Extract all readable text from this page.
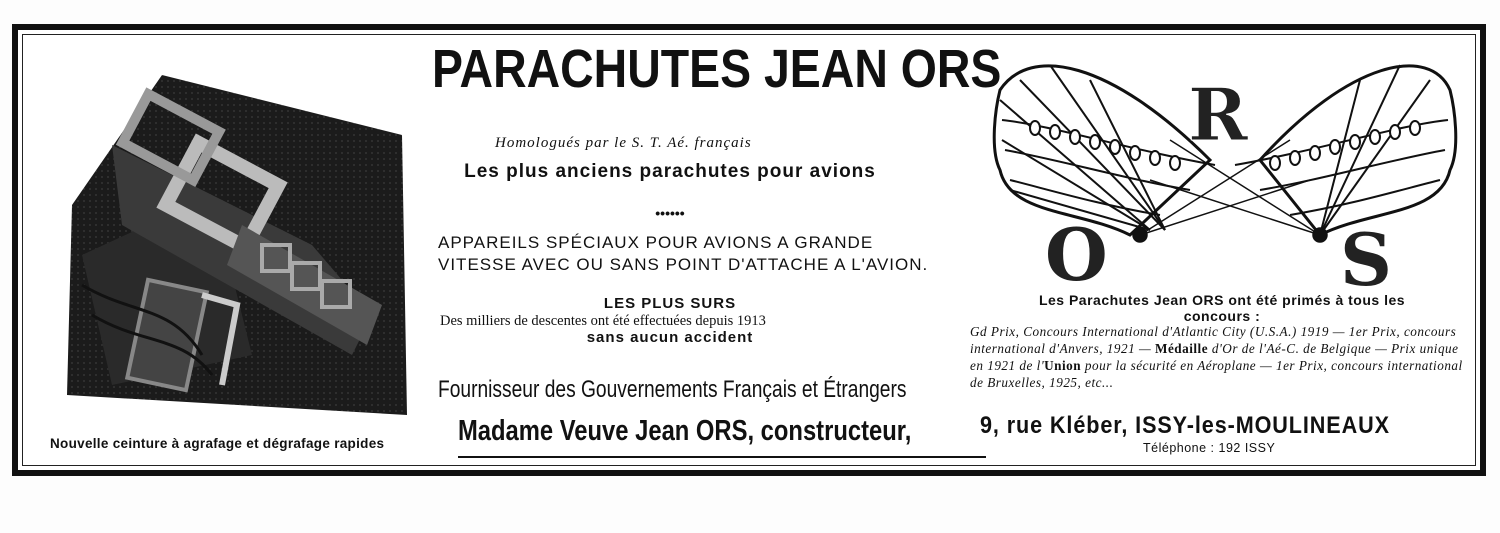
Nouvelle ceinture à agrafage et dégrafage rapides
PARACHUTES JEAN ORS
Homologués par le S. T. Aé. français
Les plus anciens parachutes pour avions
••••••
APPAREILS SPÉCIAUX POUR AVIONS A GRANDE VITESSE AVEC OU SANS POINT D'ATTACHE A L'AVION.
LES PLUS SURS
Des milliers de descentes ont été effectuées depuis 1913
sans aucun accident
Fournisseur des Gouvernements Français et Étrangers
Madame Veuve Jean ORS, constructeur,	9, rue Kléber, ISSY-les-MOULINEAUX
Téléphone : 192 ISSY
R
O	S
Les Parachutes Jean ORS ont été primés à tous les concours :
Gd Prix, Concours International d'Atlantic City (U.S.A.) 1919 — 1er Prix, concours international d'Anvers, 1921 — Médaille d'Or de l'Aé-C. de Belgique — Prix unique en 1921 de l'Union pour la sécurité en Aéroplane — 1er Prix, concours international de Bruxelles, 1925, etc...
